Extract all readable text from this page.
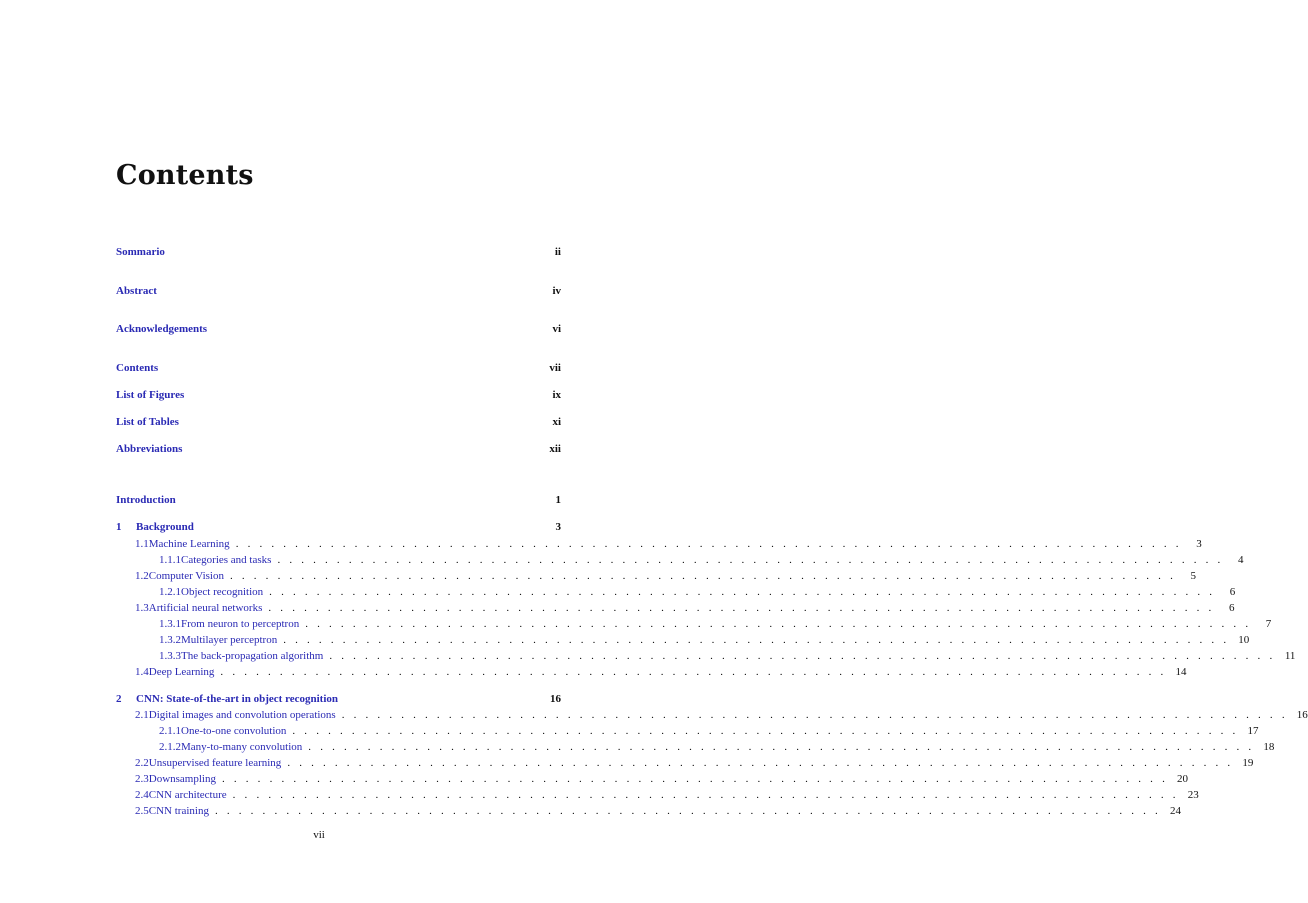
Contents
Sommario	ii
Abstract	iv
Acknowledgements	vi
Contents	vii
List of Figures	ix
List of Tables	xi
Abbreviations	xii
Introduction	1
1	Background	3
1.1 Machine Learning . . . . . . . . . . . . . . . . . . . . . . . . . . . . . . . . . . . . . . . . . . . . . . . . . . . . . . . . . . . . . . . . . . . . . . . . . . . . . . . .	3
1.1.1 Categories and tasks . . . . . . . . . . . . . . . . . . . . . . . . . . . . . . . . . . . . . . . . . . . . . . . . . . . . . . . . . . . . . . . . . . . . . . . . . . . . . . . .	4
1.2 Computer Vision . . . . . . . . . . . . . . . . . . . . . . . . . . . . . . . . . . . . . . . . . . . . . . . . . . . . . . . . . . . . . . . . . . . . . . . . . . . . . . . .	5
1.2.1 Object recognition . . . . . . . . . . . . . . . . . . . . . . . . . . . . . . . . . . . . . . . . . . . . . . . . . . . . . . . . . . . . . . . . . . . . . . . . . . . . . . . .	6
1.3 Artificial neural networks . . . . . . . . . . . . . . . . . . . . . . . . . . . . . . . . . . . . . . . . . . . . . . . . . . . . . . . . . . . . . . . . . . . . . . . . . . . . . . . .	6
1.3.1 From neuron to perceptron . . . . . . . . . . . . . . . . . . . . . . . . . . . . . . . . . . . . . . . . . . . . . . . . . . . . . . . . . . . . . . . . . . . . . . . . . . . . . . . .	7
1.3.2 Multilayer perceptron . . . . . . . . . . . . . . . . . . . . . . . . . . . . . . . . . . . . . . . . . . . . . . . . . . . . . . . . . . . . . . . . . . . . . . . . . . . . . . . . 10
1.3.3 The back-propagation algorithm . . . . . . . . . . . . . . . . . . . . . . . . . . . . . . . . . . . . . . . . . . . . . . . . . . . . . . . . . . . . . . . . . . . . . . . . . . . . . . . . 11
1.4 Deep Learning . . . . . . . . . . . . . . . . . . . . . . . . . . . . . . . . . . . . . . . . . . . . . . . . . . . . . . . . . . . . . . . . . . . . . . . . . . . . . . . . 14
2	CNN: State-of-the-art in object recognition	16
2.1 Digital images and convolution operations . . . . . . . . . . . . . . . . . . . . . . . . . . . . . . . . . . . . . . . . . . . . . . . . . . . . . . . . . . . . . . . . . . . . . . . . . . . . . . . . 16
2.1.1 One-to-one convolution . . . . . . . . . . . . . . . . . . . . . . . . . . . . . . . . . . . . . . . . . . . . . . . . . . . . . . . . . . . . . . . . . . . . . . . . . . . . . . . . 17
2.1.2 Many-to-many convolution . . . . . . . . . . . . . . . . . . . . . . . . . . . . . . . . . . . . . . . . . . . . . . . . . . . . . . . . . . . . . . . . . . . . . . . . . . . . . . . . 18
2.2 Unsupervised feature learning . . . . . . . . . . . . . . . . . . . . . . . . . . . . . . . . . . . . . . . . . . . . . . . . . . . . . . . . . . . . . . . . . . . . . . . . . . . . . . . . 19
2.3 Downsampling . . . . . . . . . . . . . . . . . . . . . . . . . . . . . . . . . . . . . . . . . . . . . . . . . . . . . . . . . . . . . . . . . . . . . . . . . . . . . . . . 20
2.4 CNN architecture . . . . . . . . . . . . . . . . . . . . . . . . . . . . . . . . . . . . . . . . . . . . . . . . . . . . . . . . . . . . . . . . . . . . . . . . . . . . . . . . 23
2.5 CNN training . . . . . . . . . . . . . . . . . . . . . . . . . . . . . . . . . . . . . . . . . . . . . . . . . . . . . . . . . . . . . . . . . . . . . . . . . . . . . . . . 24
vii
